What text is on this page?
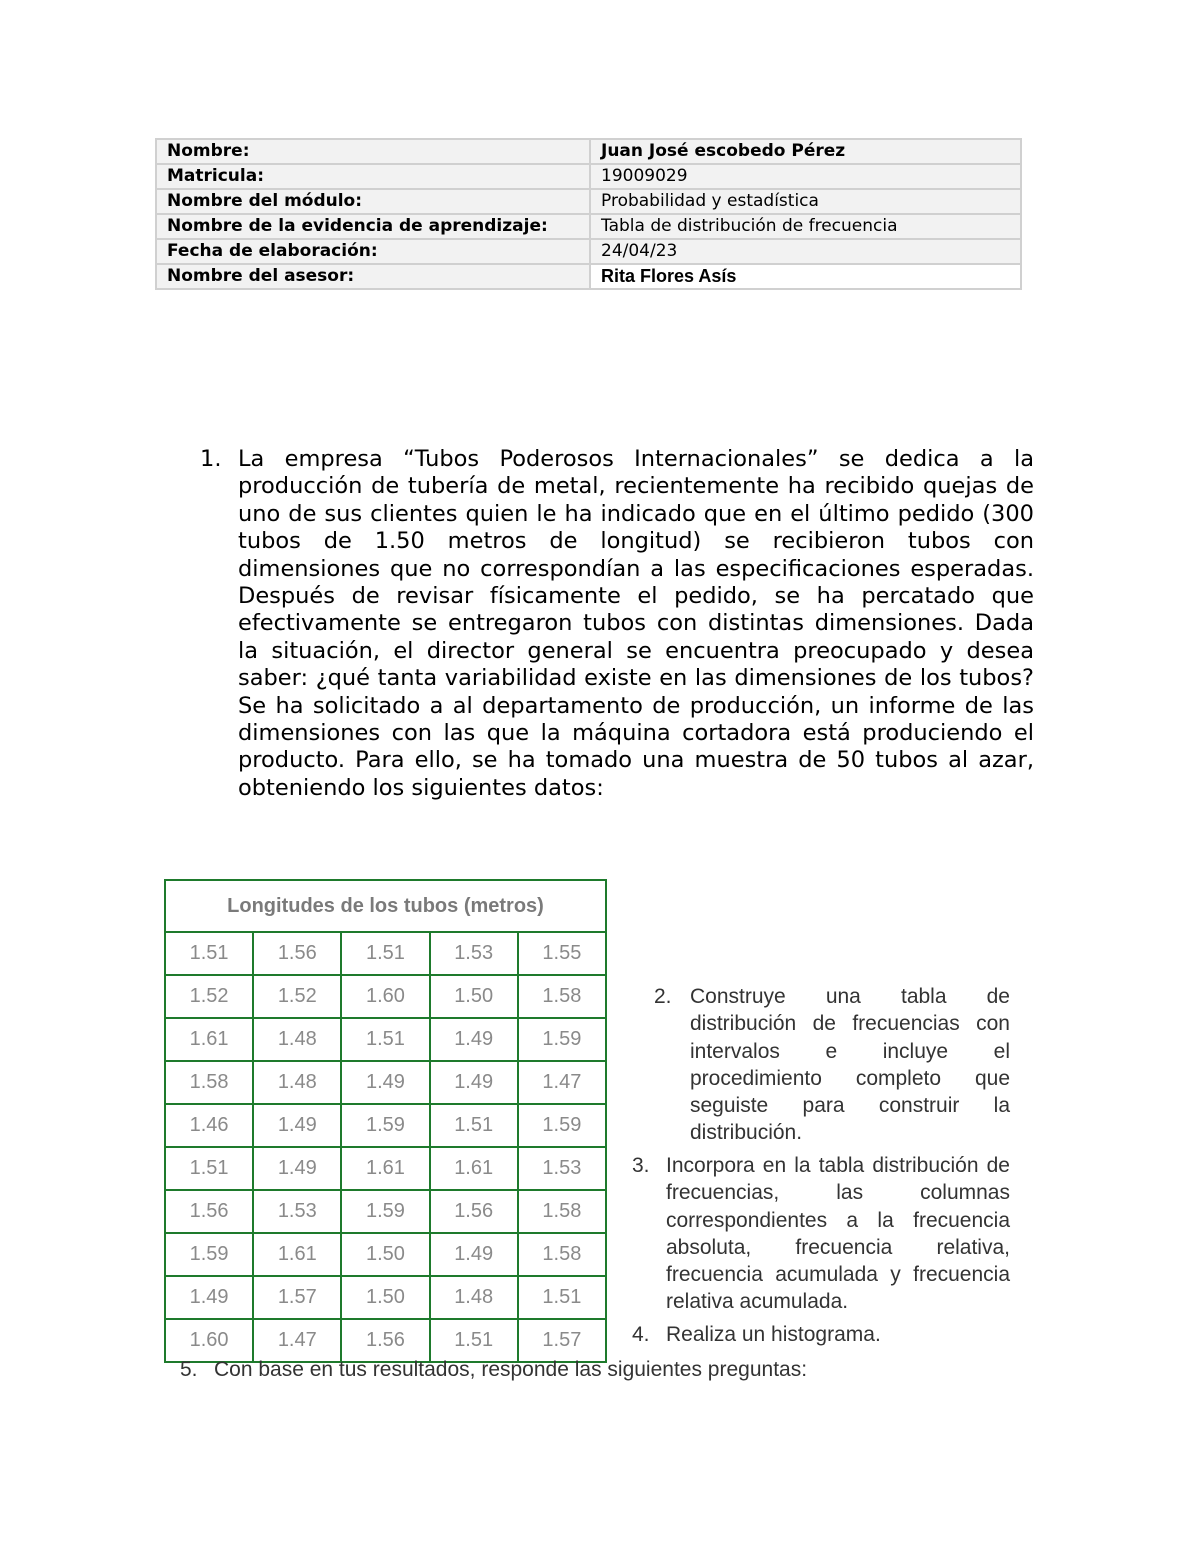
Nombre:	Juan José escobedo Pérez
Matricula:	19009029
Nombre del módulo:	Probabilidad y estadística
Nombre de la evidencia de aprendizaje:	Tabla de distribución de frecuencia
Fecha de elaboración:	24/04/23
Nombre del asesor:	Rita Flores Asís
1. La empresa “Tubos Poderosos Internacionales” se dedica a la producción de tubería de metal, recientemente ha recibido quejas de uno de sus clientes quien le ha indicado que en el último pedido (300 tubos de 1.50 metros de longitud) se recibieron tubos con dimensiones que no correspondían a las especificaciones esperadas. Después de revisar físicamente el pedido, se ha percatado que efectivamente se entregaron tubos con distintas dimensiones. Dada la situación, el director general se encuentra preocupado y desea saber: ¿qué tanta variabilidad existe en las dimensiones de los tubos? Se ha solicitado a al departamento de producción, un informe de las dimensiones con las que la máquina cortadora está produciendo el producto. Para ello, se ha tomado una muestra de 50 tubos al azar, obteniendo los siguientes datos:
Longitudes de los tubos (metros)				
1.51	1.56	1.51	1.53	1.55
1.52	1.52	1.60	1.50	1.58
1.61	1.48	1.51	1.49	1.59
1.58	1.48	1.49	1.49	1.47
1.46	1.49	1.59	1.51	1.59
1.51	1.49	1.61	1.61	1.53
1.56	1.53	1.59	1.56	1.58
1.59	1.61	1.50	1.49	1.58
1.49	1.57	1.50	1.48	1.51
1.60	1.47	1.56	1.51	1.57
2. Construye una tabla de distribución de frecuencias con intervalos e incluye el procedimiento completo que seguiste para construir la distribución.
3. Incorpora en la tabla distribución de frecuencias, las columnas correspondientes a la frecuencia absoluta, frecuencia relativa, frecuencia acumulada y frecuencia relativa acumulada.
4. Realiza un histograma.
5. Con base en tus resultados, responde las siguientes preguntas:
